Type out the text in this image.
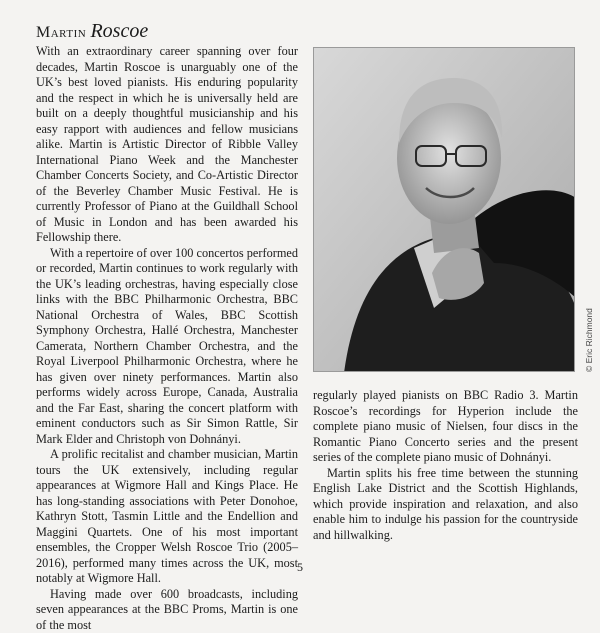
Martin Roscoe

With an extraordinary career spanning over four decades, Martin Roscoe is unarguably one of the UK’s best loved pianists. His enduring popularity and the respect in which he is universally held are built on a deeply thoughtful musicianship and his easy rapport with audiences and fellow musicians alike. Martin is Artistic Director of Ribble Valley International Piano Week and the Manchester Chamber Concerts Society, and Co-Artistic Director of the Beverley Chamber Music Festival. He is currently Professor of Piano at the Guildhall School of Music in London and has been awarded his Fellowship there.

With a repertoire of over 100 concertos performed or recorded, Martin continues to work regularly with the UK’s leading orchestras, having especially close links with the BBC Philharmonic Orchestra, BBC National Orchestra of Wales, BBC Scottish Symphony Orchestra, Hallé Orchestra, Manchester Camerata, Northern Chamber Orchestra, and the Royal Liverpool Philharmonic Orchestra, where he has given over ninety performances. Martin also performs widely across Europe, Canada, Australia and the Far East, sharing the concert platform with eminent conductors such as Sir Simon Rattle, Sir Mark Elder and Christoph von Dohnányi.

A prolific recitalist and chamber musician, Martin tours the UK extensively, including regular appearances at Wigmore Hall and Kings Place. He has long-standing associations with Peter Donohoe, Kathryn Stott, Tasmin Little and the Endellion and Maggini Quartets. One of his most important ensembles, the Cropper Welsh Roscoe Trio (2005–2016), performed many times across the UK, most notably at Wigmore Hall.

Having made over 600 broadcasts, including seven appearances at the BBC Proms, Martin is one of the most

© Eric Richmond

regularly played pianists on BBC Radio 3. Martin Roscoe’s recordings for Hyperion include the complete piano music of Nielsen, four discs in the Romantic Piano Concerto series and the present series of the complete piano music of Dohnányi.

Martin splits his free time between the stunning English Lake District and the Scottish Highlands, which provide inspiration and relaxation, and also enable him to indulge his passion for the countryside and hillwalking.

5
